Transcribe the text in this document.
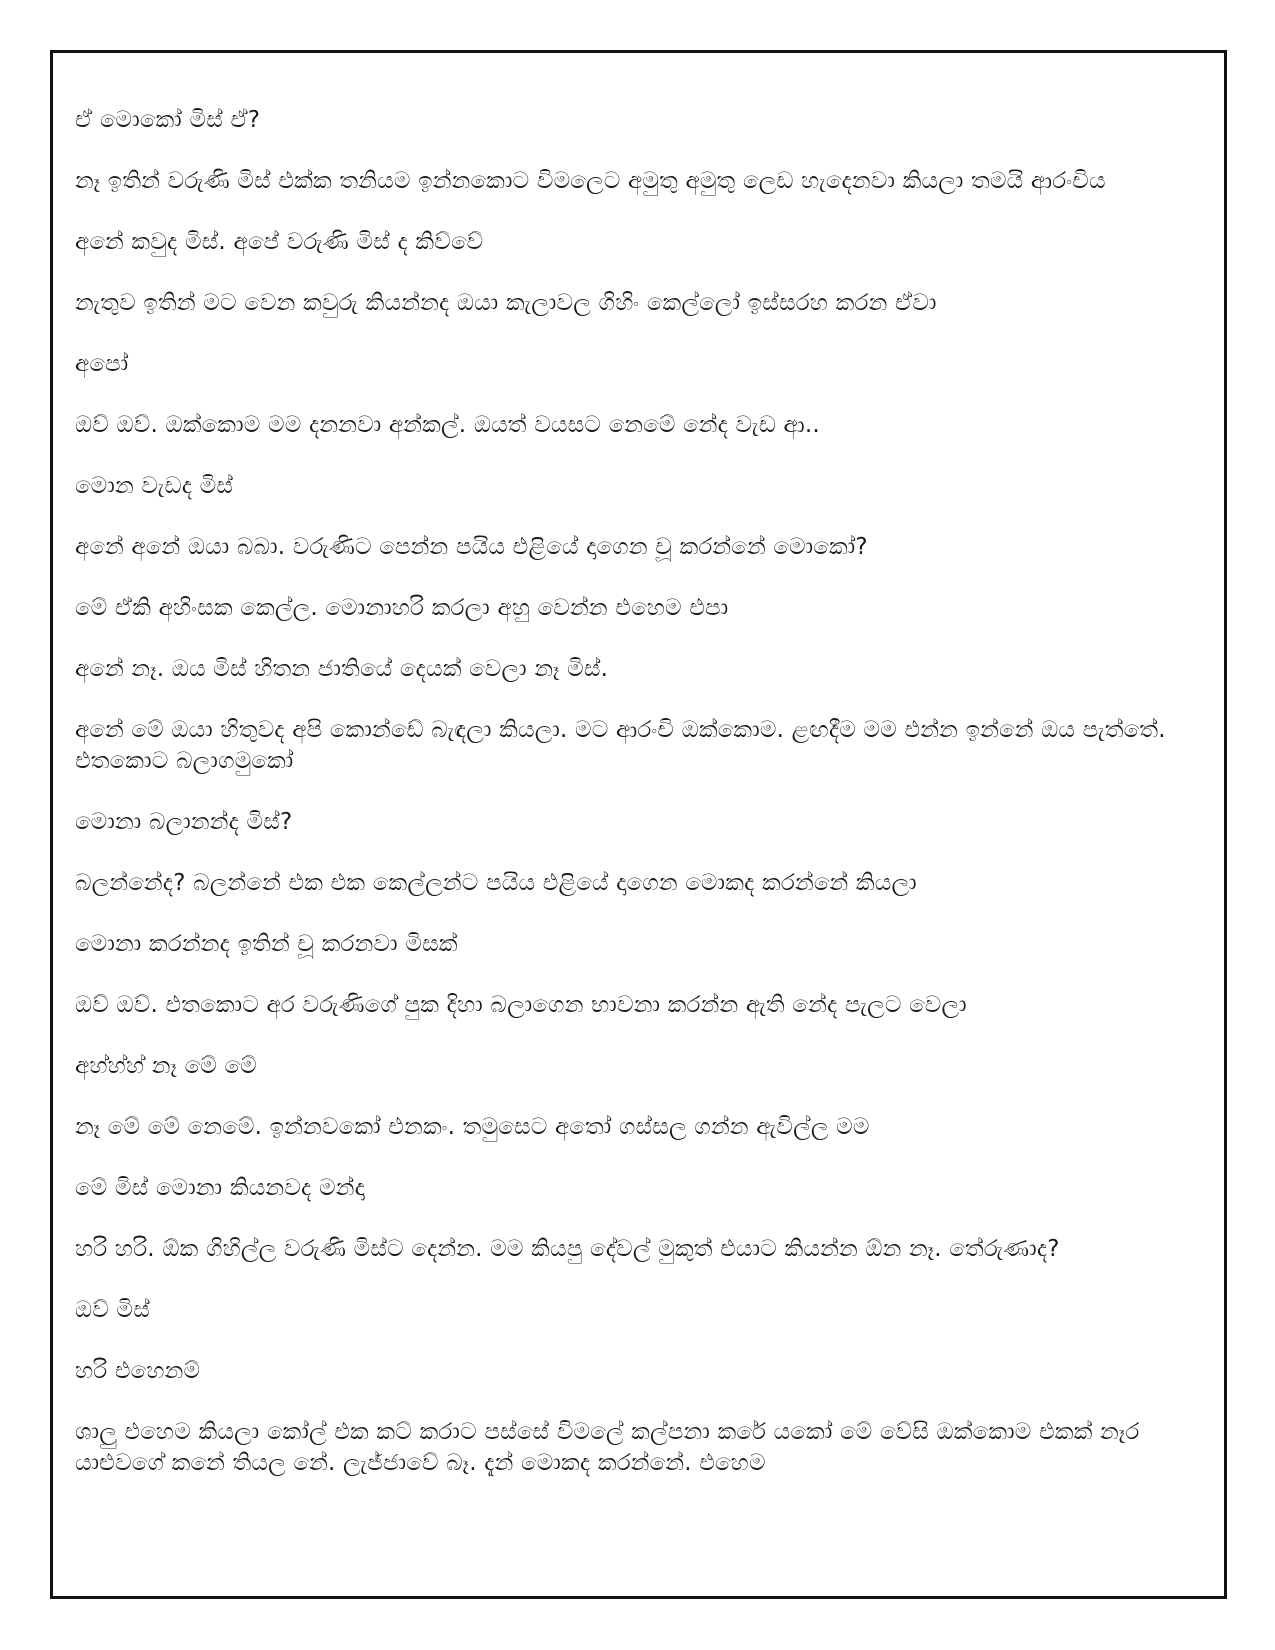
ඒ මොකෝ මිස් ඒ?

නෑ ඉතින් වරුණි මිස් එක්ක තනියම ඉන්නකොට විමලෙට අමුතු අමුතු ලෙඩ හැදෙනවා කියලා තමයි ආරංචිය

අනේ කවුද මිස්. අපේ වරුණි මිස් ද කිව්වේ

නැතුව ඉතින් මට වෙන කවුරු කියන්නද ඔයා කැලාවල ගිහිං කෙල්ලෝ ඉස්සරහ කරන ඒවා

අපෝ

ඔව් ඔව්. ඔක්කොම මම දනනවා අන්කල්. ඔයත් වයසට නෙමේ නේද වැඩ ආ..

මොන වැඩද මිස්

අනේ අනේ ඔයා බබා. වරුණිට පෙන්න පයිය එළියේ දාගෙන චූ කරන්නේ මොකෝ?

මේ ඒකි අහිංසක කෙල්ල. මොනාහරි කරලා අහු වෙන්න එහෙම එපා

අනේ නෑ. ඔය මිස් හිතන ජාතියේ දෙයක් වෙලා නෑ මිස්.

අනේ මේ ඔයා හිතුවද අපි කොන්ඩේ බැඳලා කියලා. මට ආරංචි ඔක්කොම. ළඟදීම මම එන්න ඉන්නේ ඔය පැත්තේ. එතකොට බලාගමුකෝ

මොනා බලානන්ද මිස්?

බලන්නේද? බලන්නේ එක එක කෙල්ලන්ට පයිය එළියේ දාගෙන මොකද කරන්නේ කියලා

මොනා කරන්නද ඉතින් චූ කරනවා මිසක්

ඔව් ඔව්. එතකොට අර වරුණිගේ පුක දිහා බලාගෙන භාවනා කරන්න ඇති නේද පැලට වෙලා

අහ්හ්හ් නෑ මේ මේ

නෑ මේ මේ නෙමේ. ඉන්නවකෝ එනකං. තමුසෙට අතෝ ගස්සල ගන්න ඇවිල්ල මම

මේ මිස් මොනා කියනවද මන්දා

හරි හරි. ඕක ගිහිල්ල වරුණි මිස්ට දෙන්න. මම කියපු දේවල් මුකුත් එයාට කියන්න ඕන නෑ. තේරුණාද?

ඔව් මිස්

හරි එහෙනම්

ශාලු එහෙම කියලා කෝල් එක කට් කරාට පස්සේ විමලේ කල්පනා කරේ යකෝ මේ වේසි ඔක්කොම එකක් නෑර යාළුවගේ කනේ තියල නේ. ලැජ්ජාවේ බෑ. දැන් මොකද කරන්නේ. එහෙම
